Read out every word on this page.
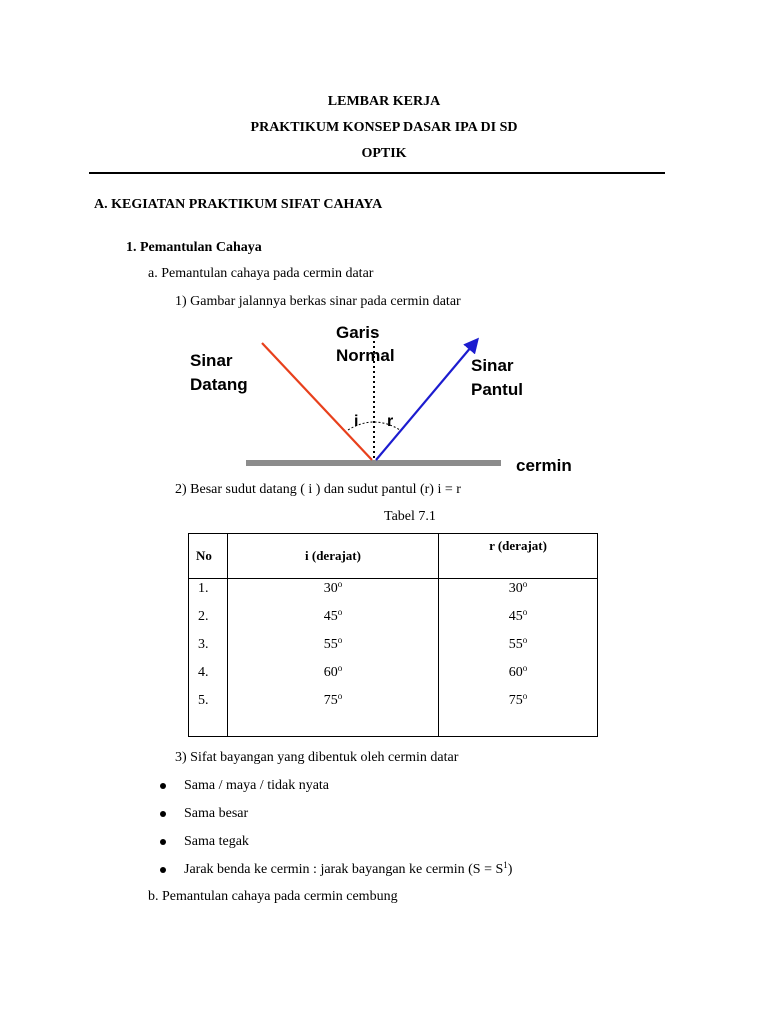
LEMBAR KERJA
PRAKTIKUM KONSEP DASAR IPA DI SD
OPTIK
A. KEGIATAN PRAKTIKUM SIFAT CAHAYA
1. Pemantulan Cahaya
a. Pemantulan cahaya pada cermin datar
1) Gambar jalannya berkas sinar pada cermin datar
Sinar
Datang
Garis
Normal
Sinar
Pantul
i r
cermin
2) Besar sudut datang ( i ) dan sudut pantul (r) i = r
Tabel 7.1
No	i (derajat)	r (derajat)
1.	30$^o$	30$^o$
2.	45$^o$	45$^o$
3.	55$^o$	55$^o$
4.	60$^o$	60$^o$
5.	75$^o$	75$^o$

3) Sifat bayangan yang dibentuk oleh cermin datar
Sama / maya / tidak nyata
Sama besar
Sama tegak
Jarak benda ke cermin : jarak bayangan ke cermin $(S = S^1)$
b. Pemantulan cahaya pada cermin cembung
